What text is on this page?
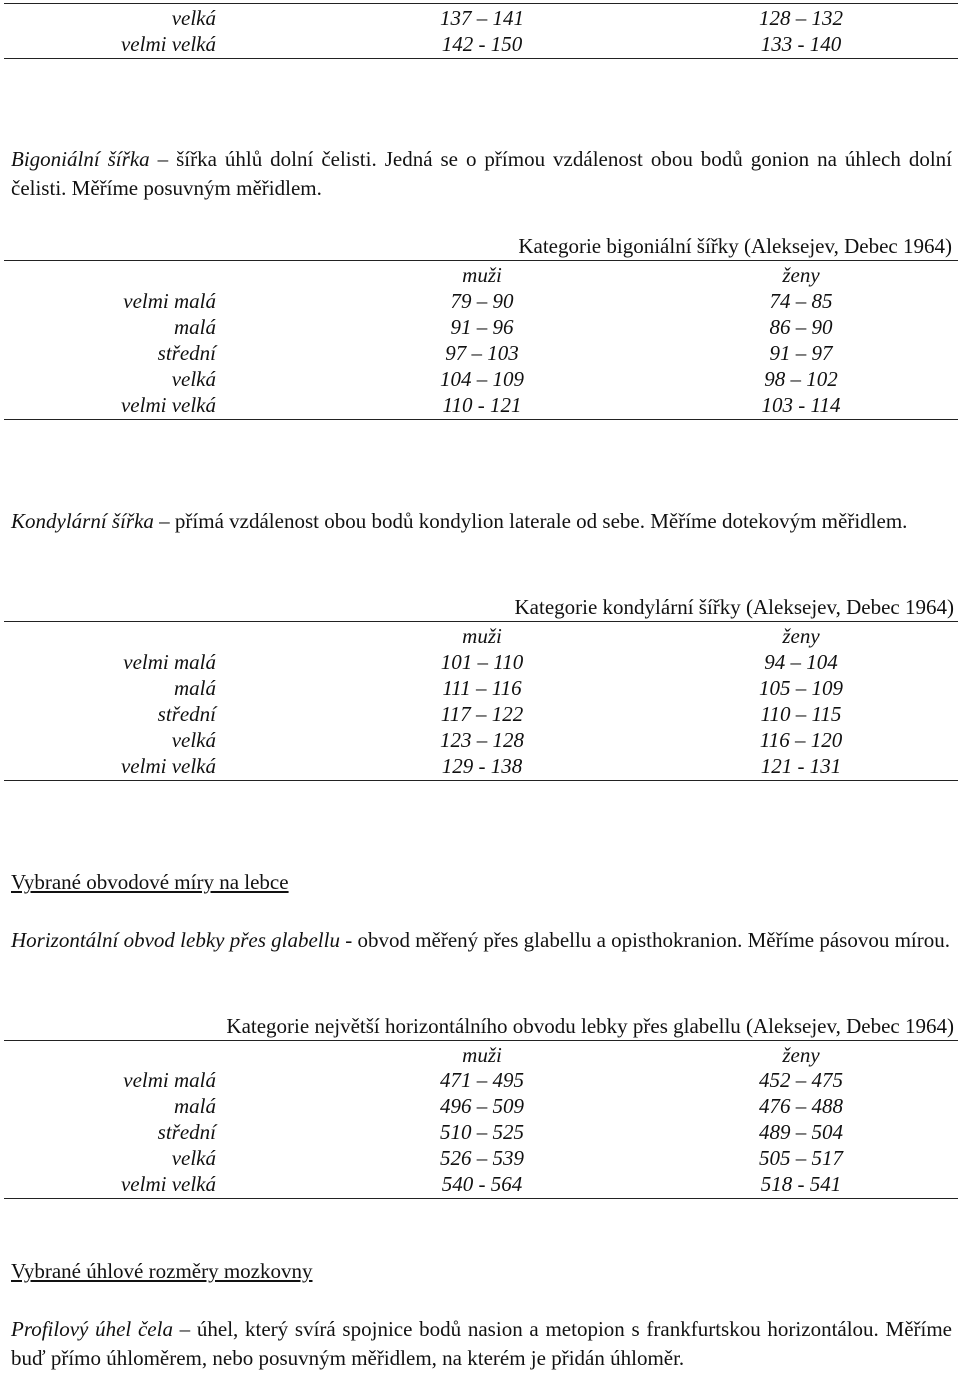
velká	137 – 141	128 – 132
velmi velká	142 - 150	133 - 140

Bigoniální šířka – šířka úhlů dolní čelisti. Jedná se o přímou vzdálenost obou bodů gonion na úhlech dolní čelisti. Měříme posuvným měřidlem.

Kategorie bigoniální šířky (Aleksejev, Debec 1964)
muži	ženy
velmi malá	79 – 90	74 – 85
malá	91 – 96	86 – 90
střední	97 – 103	91 – 97
velká	104 – 109	98 – 102
velmi velká	110 - 121	103 - 114

Kondylární šířka – přímá vzdálenost obou bodů kondylion laterale od sebe. Měříme dotekovým měřidlem.

Kategorie kondylární šířky (Aleksejev, Debec 1964)
muži	ženy
velmi malá	101 – 110	94 – 104
malá	111 – 116	105 – 109
střední	117 – 122	110 – 115
velká	123 – 128	116 – 120
velmi velká	129 - 138	121 - 131
Vybrané obvodové míry na lebce

Horizontální obvod lebky přes glabellu - obvod měřený přes glabellu a opisthokranion. Měříme pásovou mírou.

Kategorie největší horizontálního obvodu lebky přes glabellu (Aleksejev, Debec 1964)
muži	ženy
velmi malá	471 – 495	452 – 475
malá	496 – 509	476 – 488
střední	510 – 525	489 – 504
velká	526 – 539	505 – 517
velmi velká	540 - 564	518 - 541
Vybrané úhlové rozměry mozkovny

Profilový úhel čela – úhel, který svírá spojnice bodů nasion a metopion s frankfurtskou horizontálou. Měříme buď přímo úhloměrem, nebo posuvným měřidlem, na kterém je přidán úhloměr.
